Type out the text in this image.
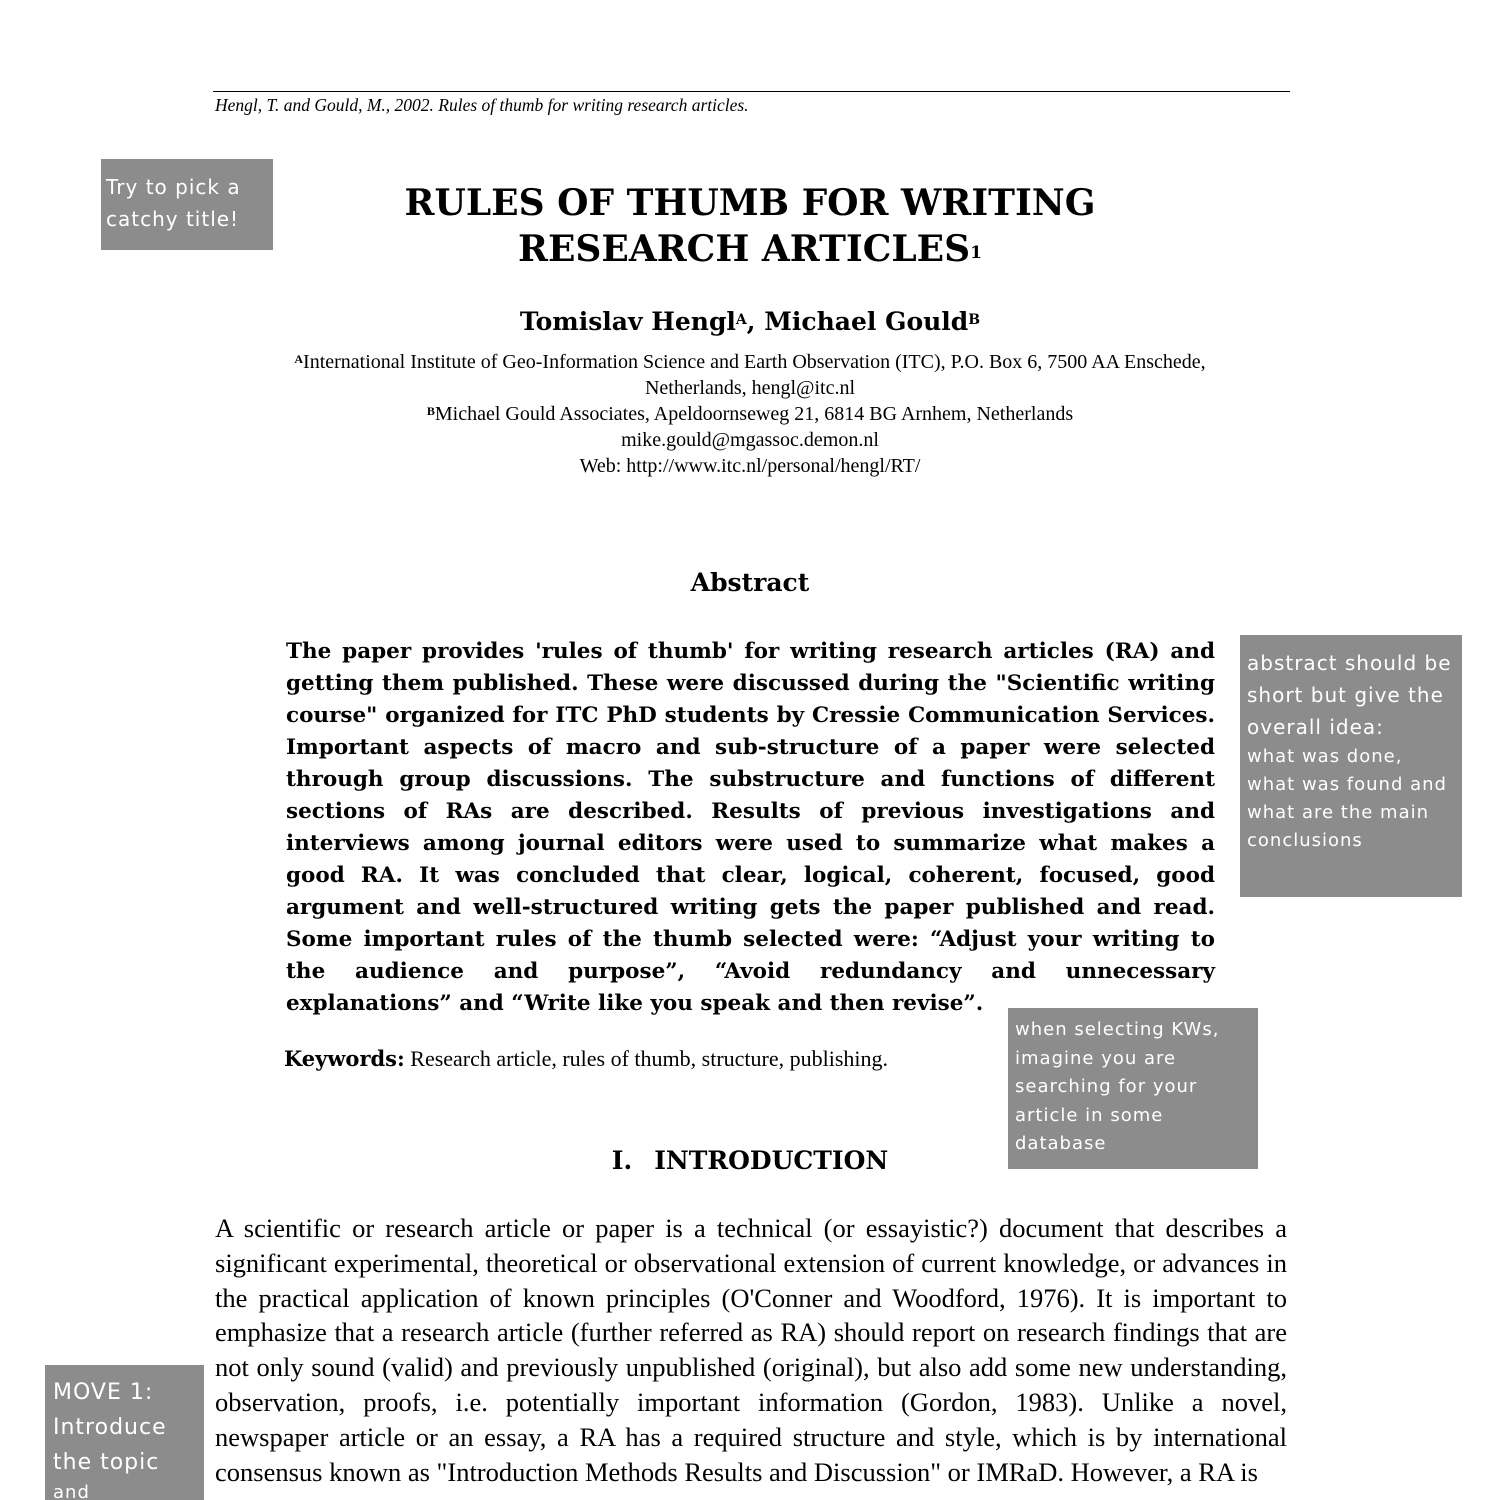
Hengl, T. and Gould, M., 2002. Rules of thumb for writing research articles.
Try to pick a catchy title!	RULES OF THUMB FOR WRITING
RESEARCH ARTICLES$^1$
Tomislav Hengl$^A$, Michael Gould$^B$
$^A$International Institute of Geo-Information Science and Earth Observation (ITC), P.O. Box 6, 7500 AA Enschede, Netherlands, hengl@itc.nl
$^B$Michael Gould Associates, Apeldoornseweg 21, 6814 BG Arnhem, Netherlands
mike.gould@mgassoc.demon.nl
Web: http://www.itc.nl/personal/hengl/RT/
Abstract

The paper provides 'rules of thumb' for writing research articles (RA) and getting them published. These were discussed during the "Scientific writing course" organized for ITC PhD students by Cressie Communication Services. Important aspects of macro and sub-structure of a paper were selected through group discussions. The substructure and functions of different sections of RAs are described. Results of previous investigations and interviews among journal editors were used to summarize what makes a good RA. It was concluded that clear, logical, coherent, focused, good argument and well-structured writing gets the paper published and read. Some important rules of the thumb selected were: “Adjust your writing to the audience and purpose”, “Avoid redundancy and unnecessary explanations” and “Write like you speak and then revise”.

abstract should be short but give the overall idea:
what was done, what was found and what are the main conclusions
Keywords: Research article, rules of thumb, structure, publishing.
when selecting KWs, imagine you are searching for your article in some database
I. INTRODUCTION

A scientific or research article or paper is a technical (or essayistic?) document that describes a significant experimental, theoretical or observational extension of current knowledge, or advances in the practical application of known principles (O'Conner and Woodford, 1976). It is important to emphasize that a research article (further referred as RA) should report on research findings that are not only sound (valid) and previously unpublished (original), but also add some new understanding, observation, proofs, i.e. potentially important information (Gordon, 1983). Unlike a novel, newspaper article or an essay, a RA has a required structure and style, which is by international consensus known as "Introduction Methods Results and Discussion" or IMRaD. However, a RA is

MOVE 1: Introduce the topic
and
